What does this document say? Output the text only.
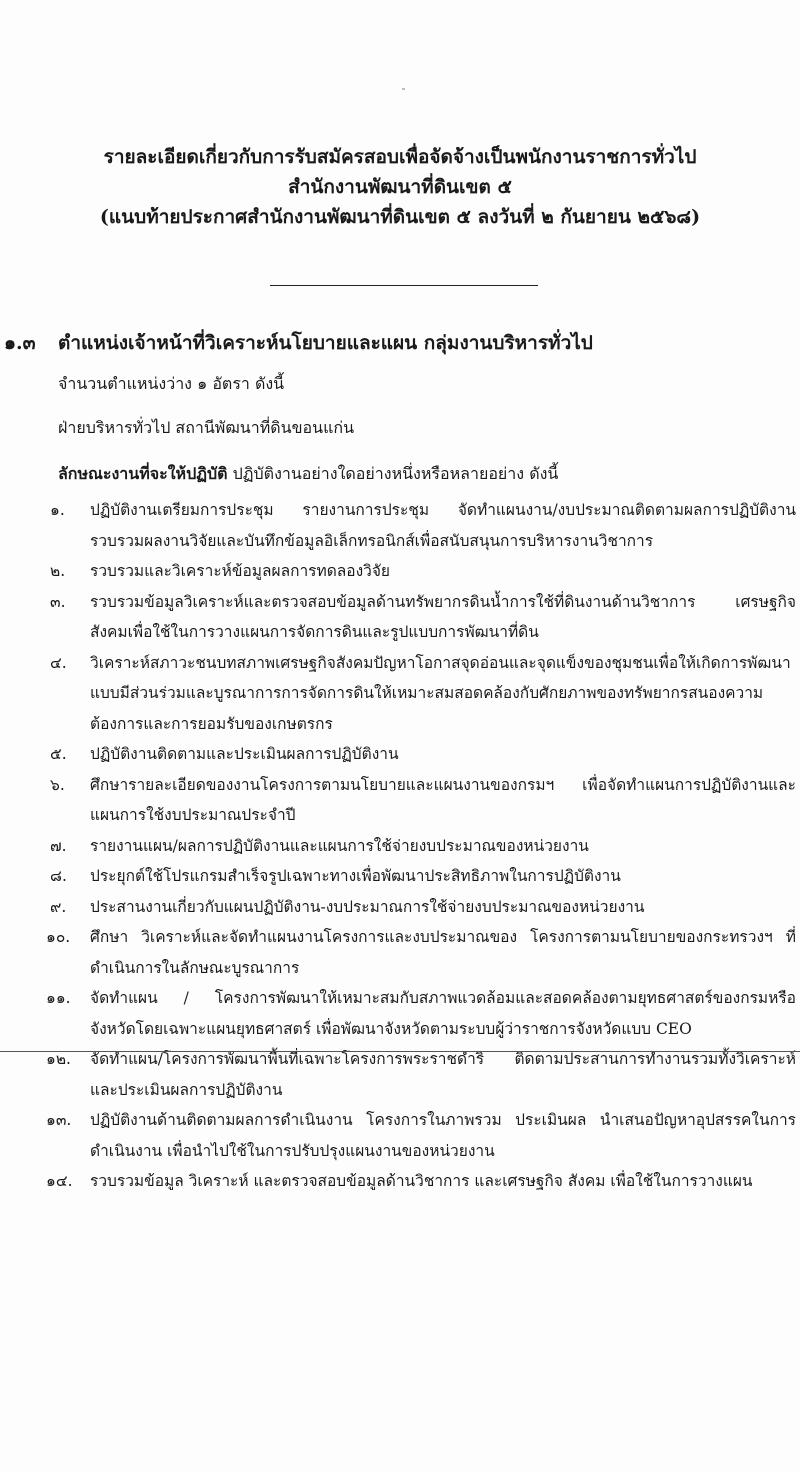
รายละเอียดเกี่ยวกับการรับสมัครสอบเพื่อจัดจ้างเป็นพนักงานราชการทั่วไป
สำนักงานพัฒนาที่ดินเขต ๕
(แนบท้ายประกาศสำนักงานพัฒนาที่ดินเขต ๕ ลงวันที่ ๒ กันยายน ๒๕๖๘)
๑.๓ ตำแหน่งเจ้าหน้าที่วิเคราะห์นโยบายและแผน กลุ่มงานบริหารทั่วไป
จำนวนตำแหน่งว่าง ๑ อัตรา ดังนี้
ฝ่ายบริหารทั่วไป สถานีพัฒนาที่ดินขอนแก่น
ลักษณะงานที่จะให้ปฏิบัติ ปฏิบัติงานอย่างใดอย่างหนึ่งหรือหลายอย่าง ดังนี้
๑. ปฏิบัติงานเตรียมการประชุม รายงานการประชุม จัดทำแผนงาน/งบประมาณติดตามผลการปฏิบัติงาน รวบรวมผลงานวิจัยและบันทึกข้อมูลอิเล็กทรอนิกส์เพื่อสนับสนุนการบริหารงานวิชาการ
๒. รวบรวมและวิเคราะห์ข้อมูลผลการทดลองวิจัย
๓. รวบรวมข้อมูลวิเคราะห์และตรวจสอบข้อมูลด้านทรัพยากรดินน้ำการใช้ที่ดินงานด้านวิชาการ เศรษฐกิจสังคมเพื่อใช้ในการวางแผนการจัดการดินและรูปแบบการพัฒนาที่ดิน
๔. วิเคราะห์สภาวะชนบทสภาพเศรษฐกิจสังคมปัญหาโอกาสจุดอ่อนและจุดแข็งของชุมชนเพื่อให้เกิดการพัฒนาแบบมีส่วนร่วมและบูรณาการการจัดการดินให้เหมาะสมสอดคล้องกับศักยภาพของทรัพยากรสนองความต้องการและการยอมรับของเกษตรกร
๕. ปฏิบัติงานติดตามและประเมินผลการปฏิบัติงาน
๖. ศึกษารายละเอียดของงานโครงการตามนโยบายและแผนงานของกรมฯ เพื่อจัดทำแผนการปฏิบัติงานและแผนการใช้งบประมาณประจำปี
๗. รายงานแผน/ผลการปฏิบัติงานและแผนการใช้จ่ายงบประมาณของหน่วยงาน
๘. ประยุกต์ใช้โปรแกรมสำเร็จรูปเฉพาะทางเพื่อพัฒนาประสิทธิภาพในการปฏิบัติงาน
๙. ประสานงานเกี่ยวกับแผนปฏิบัติงาน-งบประมาณการใช้จ่ายงบประมาณของหน่วยงาน
๑๐. ศึกษา วิเคราะห์และจัดทำแผนงานโครงการและงบประมาณของ โครงการตามนโยบายของกระทรวงฯ ที่ดำเนินการในลักษณะบูรณาการ
๑๑. จัดทำแผน / โครงการพัฒนาให้เหมาะสมกับสภาพแวดล้อมและสอดคล้องตามยุทธศาสตร์ของกรมหรือจังหวัดโดยเฉพาะแผนยุทธศาสตร์ เพื่อพัฒนาจังหวัดตามระบบผู้ว่าราชการจังหวัดแบบ CEO
๑๒. จัดทำแผน/โครงการพัฒนาพื้นที่เฉพาะโครงการพระราชดำริ ติดตามประสานการทำงานรวมทั้งวิเคราะห์และประเมินผลการปฏิบัติงาน
๑๓. ปฏิบัติงานด้านติดตามผลการดำเนินงาน โครงการในภาพรวม ประเมินผล นำเสนอปัญหาอุปสรรคในการดำเนินงาน เพื่อนำไปใช้ในการปรับปรุงแผนงานของหน่วยงาน
๑๔. รวบรวมข้อมูล วิเคราะห์ และตรวจสอบข้อมูลด้านวิชาการ และเศรษฐกิจ สังคม เพื่อใช้ในการวางแผน
